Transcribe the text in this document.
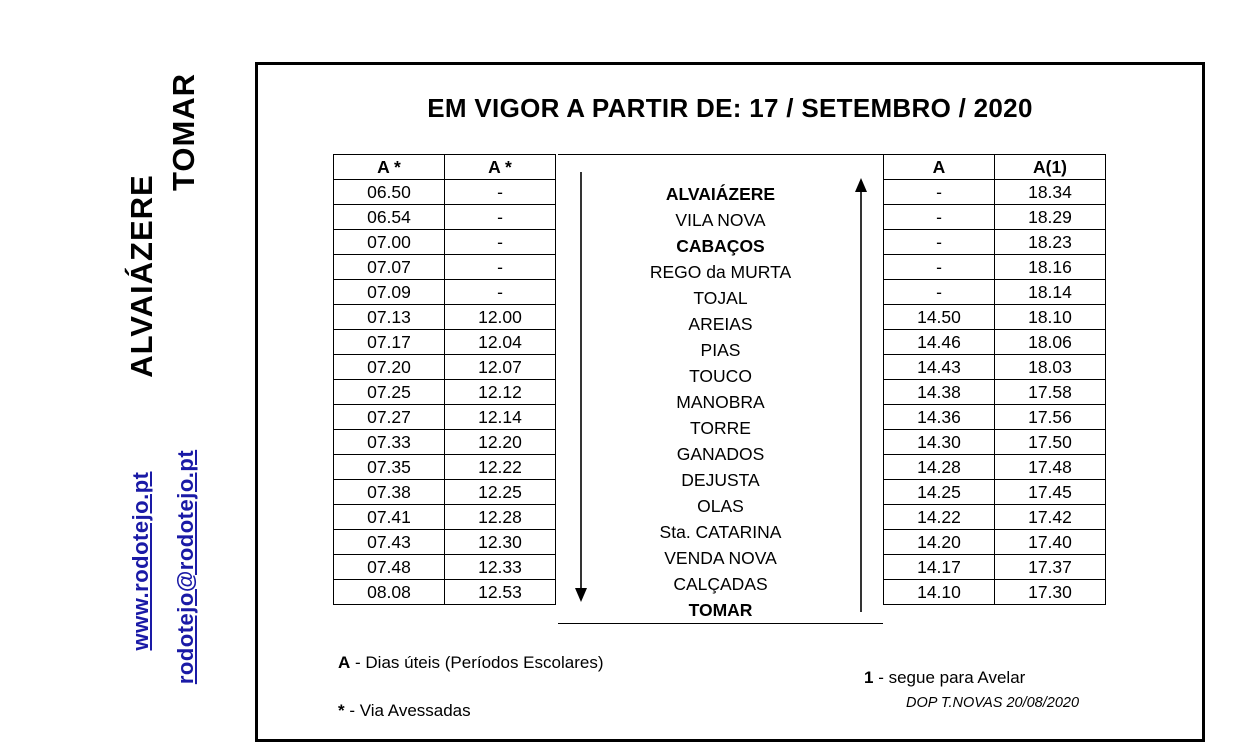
ALVAIÁZERE
TOMAR
www.rodotejo.pt rodotejo@rodotejo.pt
EM VIGOR A PARTIR DE: 17 / SETEMBRO / 2020
A *	A *
06.50	-
06.54	-
07.00	-
07.07	-
07.09	-
07.13	12.00
07.17	12.04
07.20	12.07
07.25	12.12
07.27	12.14
07.33	12.20
07.35	12.22
07.38	12.25
07.41	12.28
07.43	12.30
07.48	12.33
08.08	12.53
ALVAIÁZERE
VILA NOVA
CABAÇOS
REGO da MURTA
TOJAL
AREIAS
PIAS
TOUCO
MANOBRA
TORRE
GANADOS
DEJUSTA
OLAS
Sta. CATARINA
VENDA NOVA
CALÇADAS
TOMAR
A	A(1)
-	18.34
-	18.29
-	18.23
-	18.16
-	18.14
14.50	18.10
14.46	18.06
14.43	18.03
14.38	17.58
14.36	17.56
14.30	17.50
14.28	17.48
14.25	17.45
14.22	17.42
14.20	17.40
14.17	17.37
14.10	17.30
A - Dias úteis (Períodos Escolares)
* - Via Avessadas
1 - segue para Avelar
DOP T.NOVAS 20/08/2020
